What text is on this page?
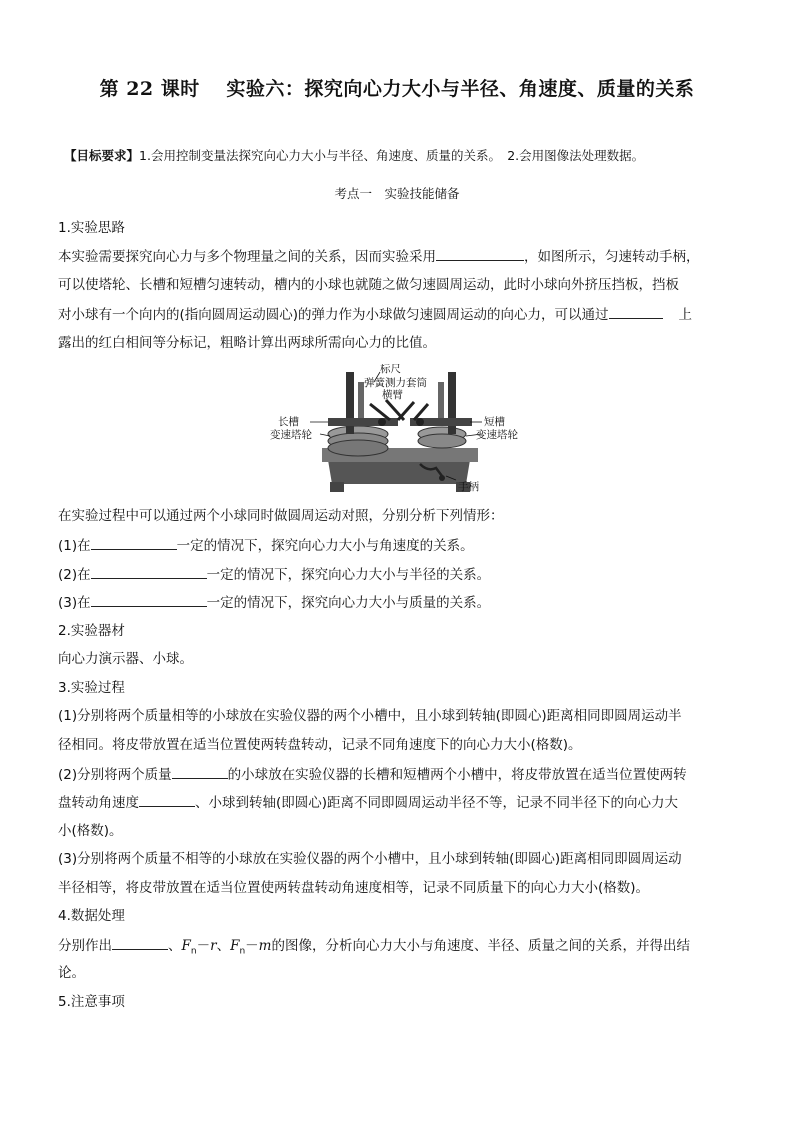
第 22 课时　 实验六：探究向心力大小与半径、角速度、质量的关系
【目标要求】1.会用控制变量法探究向心力大小与半径、角速度、质量的关系。　2.会用图像法处理数据。
考点一　实验技能储备
1.实验思路
本实验需要探究向心力与多个物理量之间的关系，因而实验采用	，如图所示，匀速转动手柄，
可以使塔轮、长槽和短槽匀速转动，槽内的小球也就随之做匀速圆周运动，此时小球向外挤压挡板，挡板
对小球有一个向内的(指向圆周运动圆心)的弹力作为小球做匀速圆周运动的向心力，可以通过	上
露出的红白相间等分标记，粗略计算出两球所需向心力的比值。
标尺
弹簧测力套筒
横臂
长槽	短槽
变速塔轮	变速塔轮
手柄
在实验过程中可以通过两个小球同时做圆周运动对照，分别分析下列情形：
(1)在	一定的情况下，探究向心力大小与角速度的关系。
(2)在	一定的情况下，探究向心力大小与半径的关系。
(3)在	一定的情况下，探究向心力大小与质量的关系。
2.实验器材
向心力演示器、小球。
3.实验过程
(1)分别将两个质量相等的小球放在实验仪器的两个小槽中，且小球到转轴(即圆心)距离相同即圆周运动半
径相同。将皮带放置在适当位置使两转盘转动，记录不同角速度下的向心力大小(格数)。
(2)分别将两个质量	的小球放在实验仪器的长槽和短槽两个小槽中，将皮带放置在适当位置使两转
盘转动角速度	、小球到转轴(即圆心)距离不同即圆周运动半径不等，记录不同半径下的向心力大
小(格数)。
(3)分别将两个质量不相等的小球放在实验仪器的两个小槽中，且小球到转轴(即圆心)距离相同即圆周运动
半径相等，将皮带放置在适当位置使两转盘转动角速度相等，记录不同质量下的向心力大小(格数)。
4.数据处理
分别作出	、$F_n-r$、$F_n-m$的图像，分析向心力大小与角速度、半径、质量之间的关系，并得出结
论。
5.注意事项
